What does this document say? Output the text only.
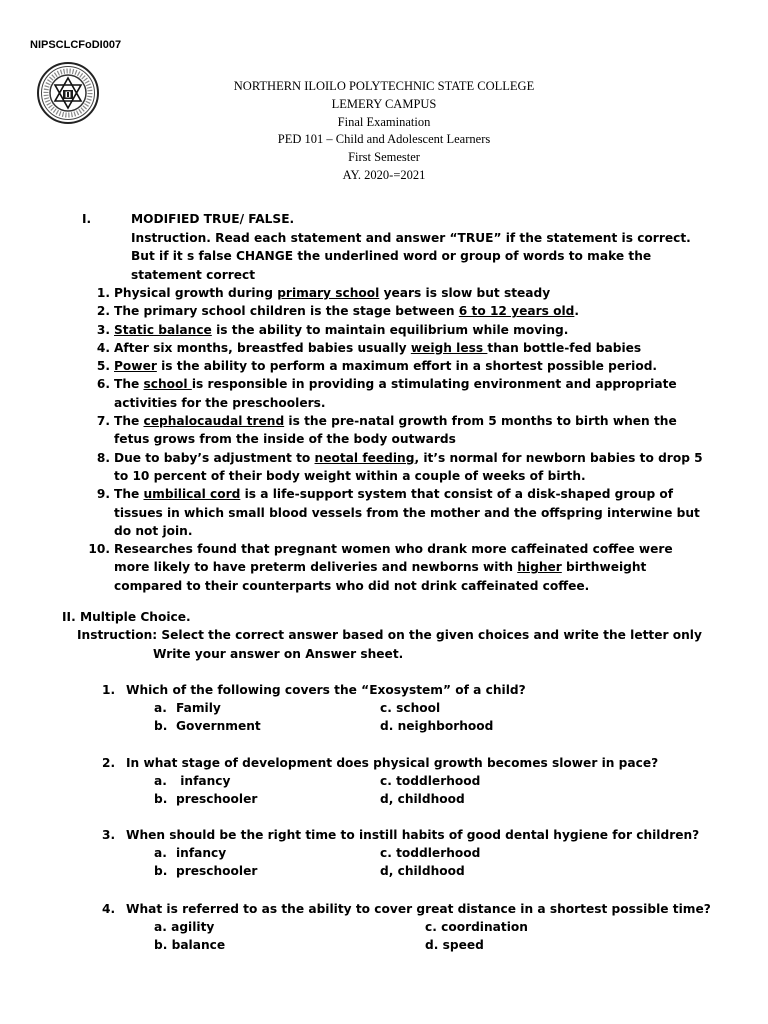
NIPSCLCFoDI007
NORTHERN ILOILO POLYTECHNIC STATE COLLEGE
LEMERY CAMPUS
Final Examination
PED 101 – Child and Adolescent Learners
First Semester
AY. 2020-=2021
I.	MODIFIED TRUE/ FALSE.
Instruction. Read each statement and answer “TRUE” if the statement is correct. But if it s false CHANGE the underlined word or group of words to make the statement correct
1. Physical growth during primary school years is slow but steady
2. The primary school children is the stage between 6 to 12 years old.
3. Static balance is the ability to maintain equilibrium while moving.
4. After six months, breastfed babies usually weigh less than bottle-fed babies
5. Power is the ability to perform a maximum effort in a shortest possible period.
6. The school is responsible in providing a stimulating environment and appropriate activities for the preschoolers.
7. The cephalocaudal trend is the pre-natal growth from 5 months to birth when the fetus grows from the inside of the body outwards
8. Due to baby’s adjustment to neotal feeding, it’s normal for newborn babies to drop 5 to 10 percent of their body weight within a couple of weeks of birth.
9. The umbilical cord is a life-support system that consist of a disk-shaped group of tissues in which small blood vessels from the mother and the offspring interwine but do not join.
10. Researches found that pregnant women who drank more caffeinated coffee were more likely to have preterm deliveries and newborns with higher birthweight compared to their counterparts who did not drink caffeinated coffee.
II. Multiple Choice.
Instruction: Select the correct answer based on the given choices and write the letter only
Write your answer on Answer sheet.
1. Which of the following covers the “Exosystem” of a child?
a. Family
b. Government
c. school
d. neighborhood
2. In what stage of development does physical growth becomes slower in pace?
a. infancy
b. preschooler
c. toddlerhood
d, childhood
3. When should be the right time to instill habits of good dental hygiene for children?
a. infancy
b. preschooler
c. toddlerhood
d, childhood
4. What is referred to as the ability to cover great distance in a shortest possible time?
a. agility
b. balance
c. coordination
d. speed
